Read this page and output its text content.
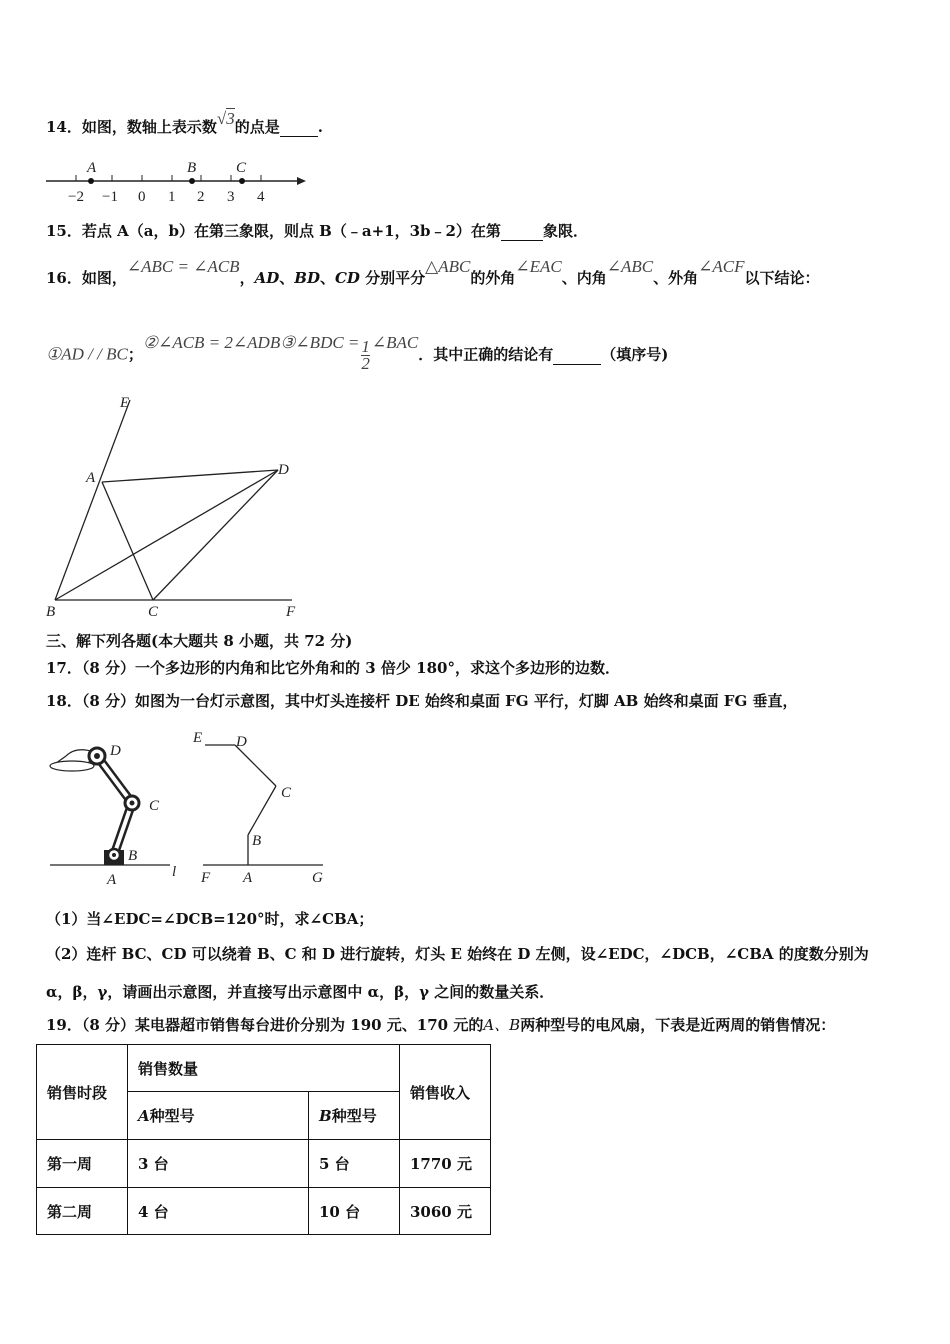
14．如图，数轴上表示数√3的点是	.
A	B	C
−2 −1 0 1 2 3 4
15．若点 A（a，b）在第三象限，则点 B（﹣a+1，3b﹣2）在第	象限．
16．如图，∠ABC = ∠ACB，AD、BD、CD 分别平分△ABC的外角∠EAC、内角∠ABC、外角∠ACF以下结论：
①AD / / BC；②∠ACB = 2∠ADB③∠BDC = $\frac{1}{2}$ ∠BAC．其中正确的结论有	（填序号)
E
A	D
B	C	F
三、解下列各题(本大题共 8 小题，共 72 分)
17．（8 分）一个多边形的内角和比它外角和的 3 倍少 180°，求这个多边形的边数．
18．（8 分）如图为一台灯示意图，其中灯头连接杆 DE 始终和桌面 FG 平行，灯脚 AB 始终和桌面 FG 垂直，
D
C
B
A	l
E D
C
B
F A	G
（1）当∠EDC=∠DCB=120°时，求∠CBA；
（2）连杆 BC、CD 可以绕着 B、C 和 D 进行旋转，灯头 E 始终在 D 左侧，设∠EDC，∠DCB，∠CBA 的度数分别为
α，β，γ，请画出示意图，并直接写出示意图中 α，β，γ 之间的数量关系．
19．（8 分）某电器超市销售每台进价分别为 190 元、170 元的A、B两种型号的电风扇，下表是近两周的销售情况：
销售时段	销售数量		销售收入
	A种型号	B种型号	
第一周	3 台	5 台	1770 元
第二周	4 台	10 台	3060 元
